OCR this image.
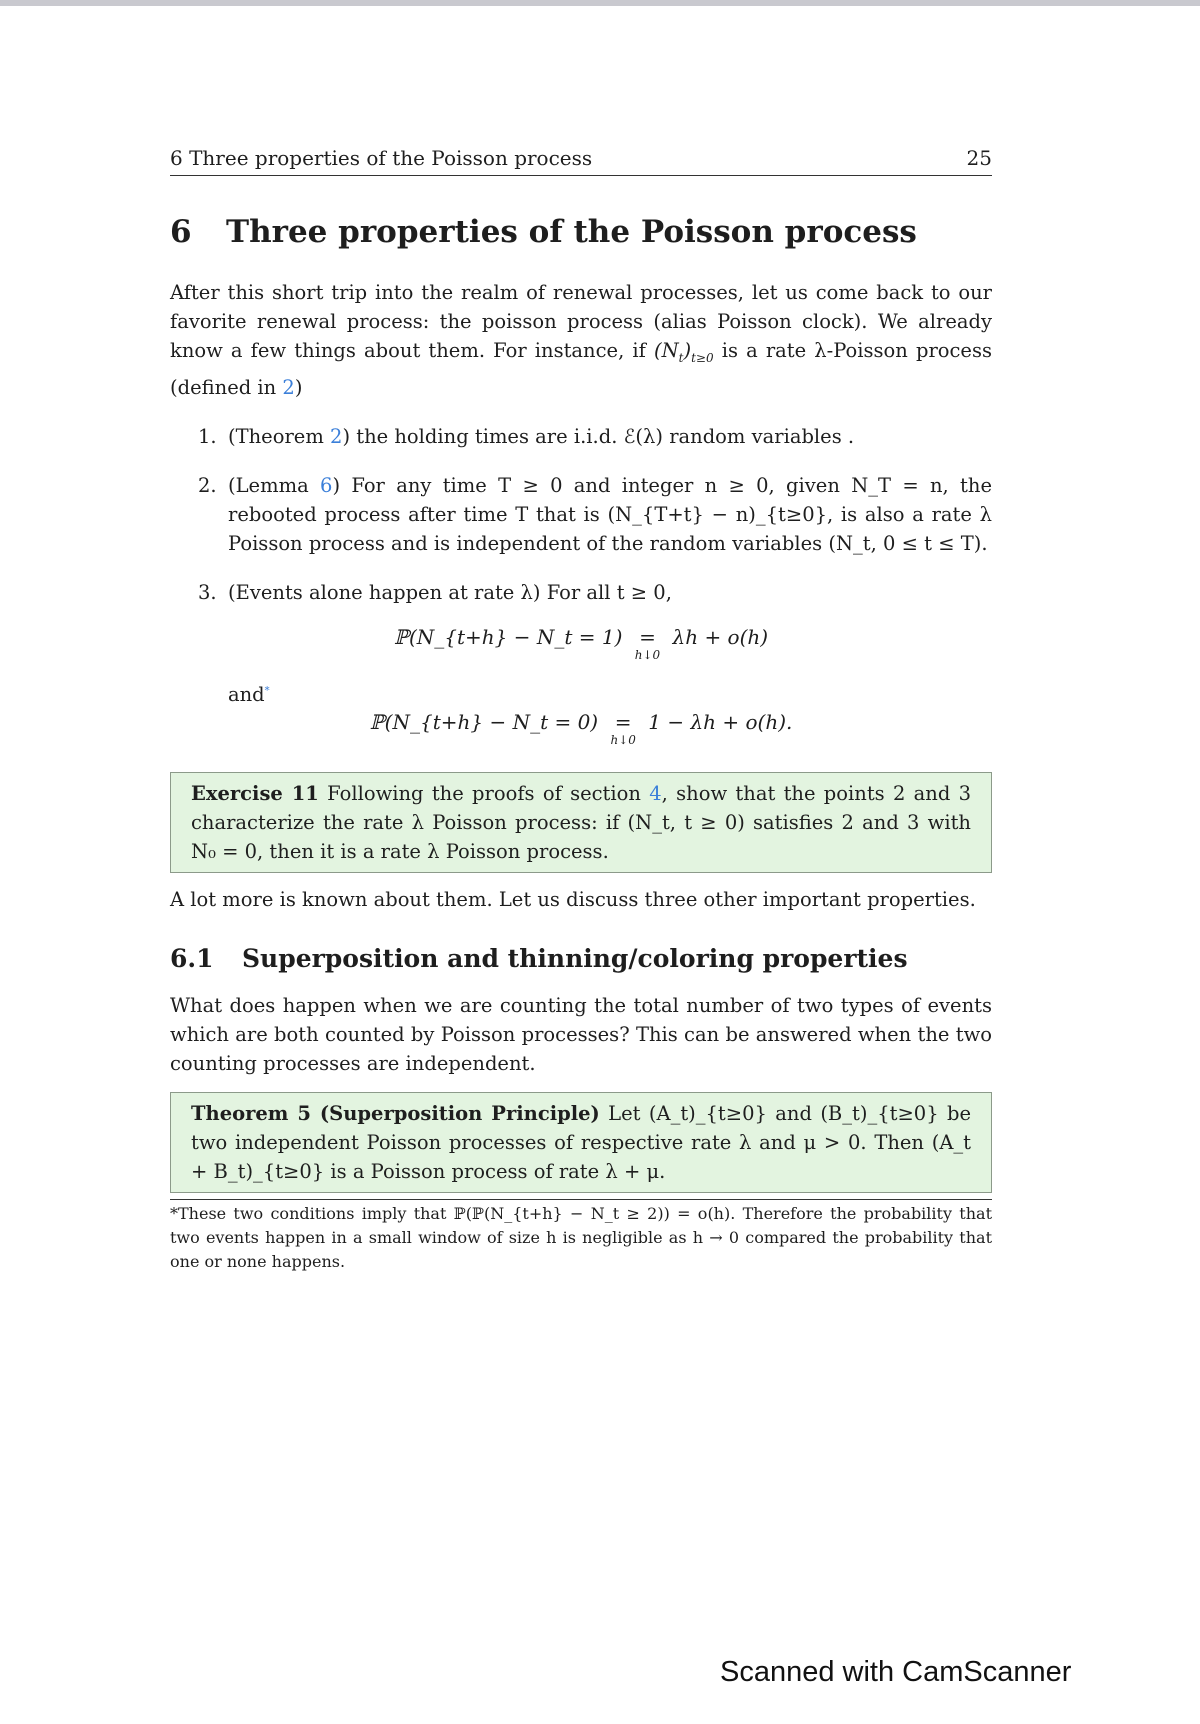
6 Three properties of the Poisson process	25
6	Three properties of the Poisson process

After this short trip into the realm of renewal processes, let us come back to our favorite renewal process: the poisson process (alias Poisson clock). We already know a few things about them. For instance, if $(N_t)_{t\ge 0}$ is a rate λ-Poisson process (defined in 2)

1. (Theorem 2) the holding times are i.i.d. ℰ(λ) random variables .
2. (Lemma 6) For any time T ≥ 0 and integer n ≥ 0, given N_T = n, the rebooted process after time T that is (N_{T+t} − n)_{t≥0}, is also a rate λ Poisson process and is independent of the random variables (N_t, 0 ≤ t ≤ T).
3. (Events alone happen at rate λ) For all t ≥ 0,
ℙ(N_{t+h} − N_t = 1) =
h↓0
λh + o(h)
and*
ℙ(N_{t+h} − N_t = 0) =
h↓0
1 − λh + o(h).
Exercise 11 Following the proofs of section 4, show that the points 2 and 3 characterize the rate λ Poisson process: if (N_t, t ≥ 0) satisfies 2 and 3 with N₀ = 0, then it is a rate λ Poisson process.

A lot more is known about them. Let us discuss three other important properties.

6.1	Superposition and thinning/coloring properties

What does happen when we are counting the total number of two types of events which are both counted by Poisson processes? This can be answered when the two counting processes are independent.

Theorem 5 (Superposition Principle) Let (A_t)_{t≥0} and (B_t)_{t≥0} be two independent Poisson processes of respective rate λ and μ > 0. Then (A_t + B_t)_{t≥0} is a Poisson process of rate λ + μ.

*These two conditions imply that ℙ(ℙ(N_{t+h} − N_t ≥ 2)) = o(h). Therefore the probability that two events happen in a small window of size h is negligible as h → 0 compared the probability that one or none happens.

Scanned with CamScanner
